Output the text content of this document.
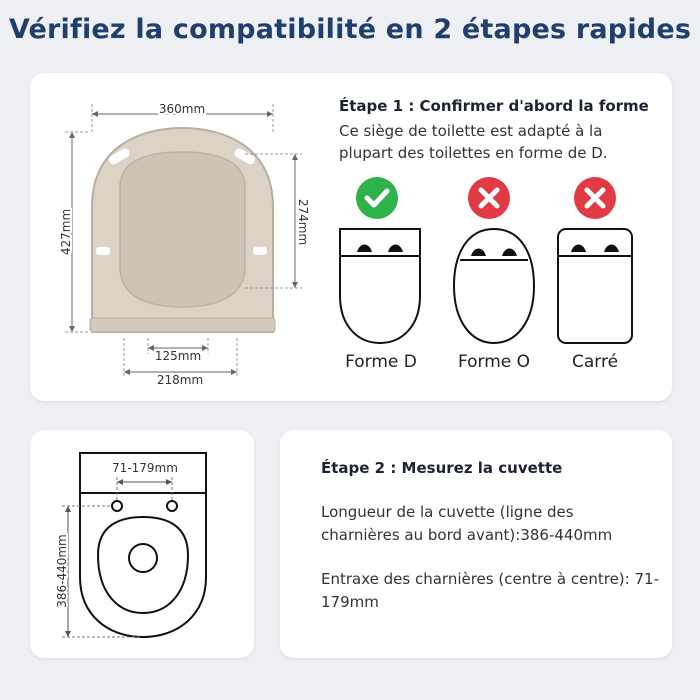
Vérifiez la compatibilité en 2 étapes rapides
360mm
427mm	274mm
125mm
218mm
Étape 1 : Confirmer d'abord la forme
Ce siège de toilette est adapté à la plupart des toilettes en forme de D.
Forme D	Forme O	Carré
71-179mm
386-440mm
Étape 2 : Mesurez la cuvette
Longueur de la cuvette (ligne des charnières au bord avant):386-440mm
Entraxe des charnières (centre à centre): 71-179mm
